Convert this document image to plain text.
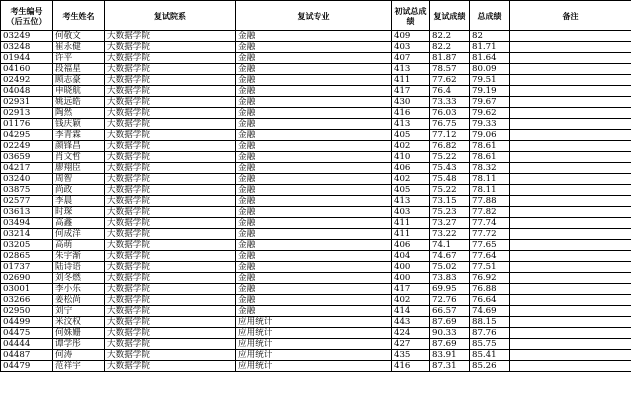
考生编号
（后五位）	考生姓名	复试院系	复试专业	初试总成绩	复试成绩	总成绩	备注
03249	何敬文	大数据学院	金融	409	82.2	82	
03248	崔永健	大数据学院	金融	403	82.2	81.71	
01944	许平	大数据学院	金融	407	81.87	81.64	
04160	段福星	大数据学院	金融	413	78.57	80.09	
02492	顾志豪	大数据学院	金融	411	77.62	79.51	
04048	申晓航	大数据学院	金融	417	76.4	79.19	
02931	姚远皓	大数据学院	金融	430	73.33	79.67	
02913	陶然	大数据学院	金融	416	76.03	79.62	
01176	钱庆颖	大数据学院	金融	413	76.75	79.33	
04295	李青霖	大数据学院	金融	405	77.12	79.06	
02249	颜锋昌	大数据学院	金融	402	76.82	78.61	
03659	肖文哲	大数据学院	金融	410	75.22	78.61	
04217	廖翔臣	大数据学院	金融	406	75.43	78.32	
03240	周智	大数据学院	金融	402	75.48	78.11	
03875	尚政	大数据学院	金融	405	75.22	78.11	
02577	李晨	大数据学院	金融	413	73.15	77.88	
03613	时琛	大数据学院	金融	403	75.23	77.82	
03494	高鑫	大数据学院	金融	411	73.27	77.74	
03214	何成洋	大数据学院	金融	411	73.22	77.72	
03205	高萌	大数据学院	金融	406	74.1	77.65	
02865	朱宇渐	大数据学院	金融	404	74.67	77.64	
01737	陆诗语	大数据学院	金融	400	75.02	77.51	
02690	刘冬燃	大数据学院	金融	400	73.83	76.92	
03001	李小乐	大数据学院	金融	417	69.95	76.88	
03266	姜松尚	大数据学院	金融	402	72.76	76.64	
02950	刘宁	大数据学院	金融	414	66.57	74.69	
04499	米汶权	大数据学院	应用统计	443	87.69	88.15	
04475	何姝姗	大数据学院	应用统计	424	90.33	87.76	
04444	谭学彤	大数据学院	应用统计	427	87.69	85.75	
04487	何涛	大数据学院	应用统计	435	83.91	85.41	
04479	范祥宇	大数据学院	应用统计	416	87.31	85.26	
